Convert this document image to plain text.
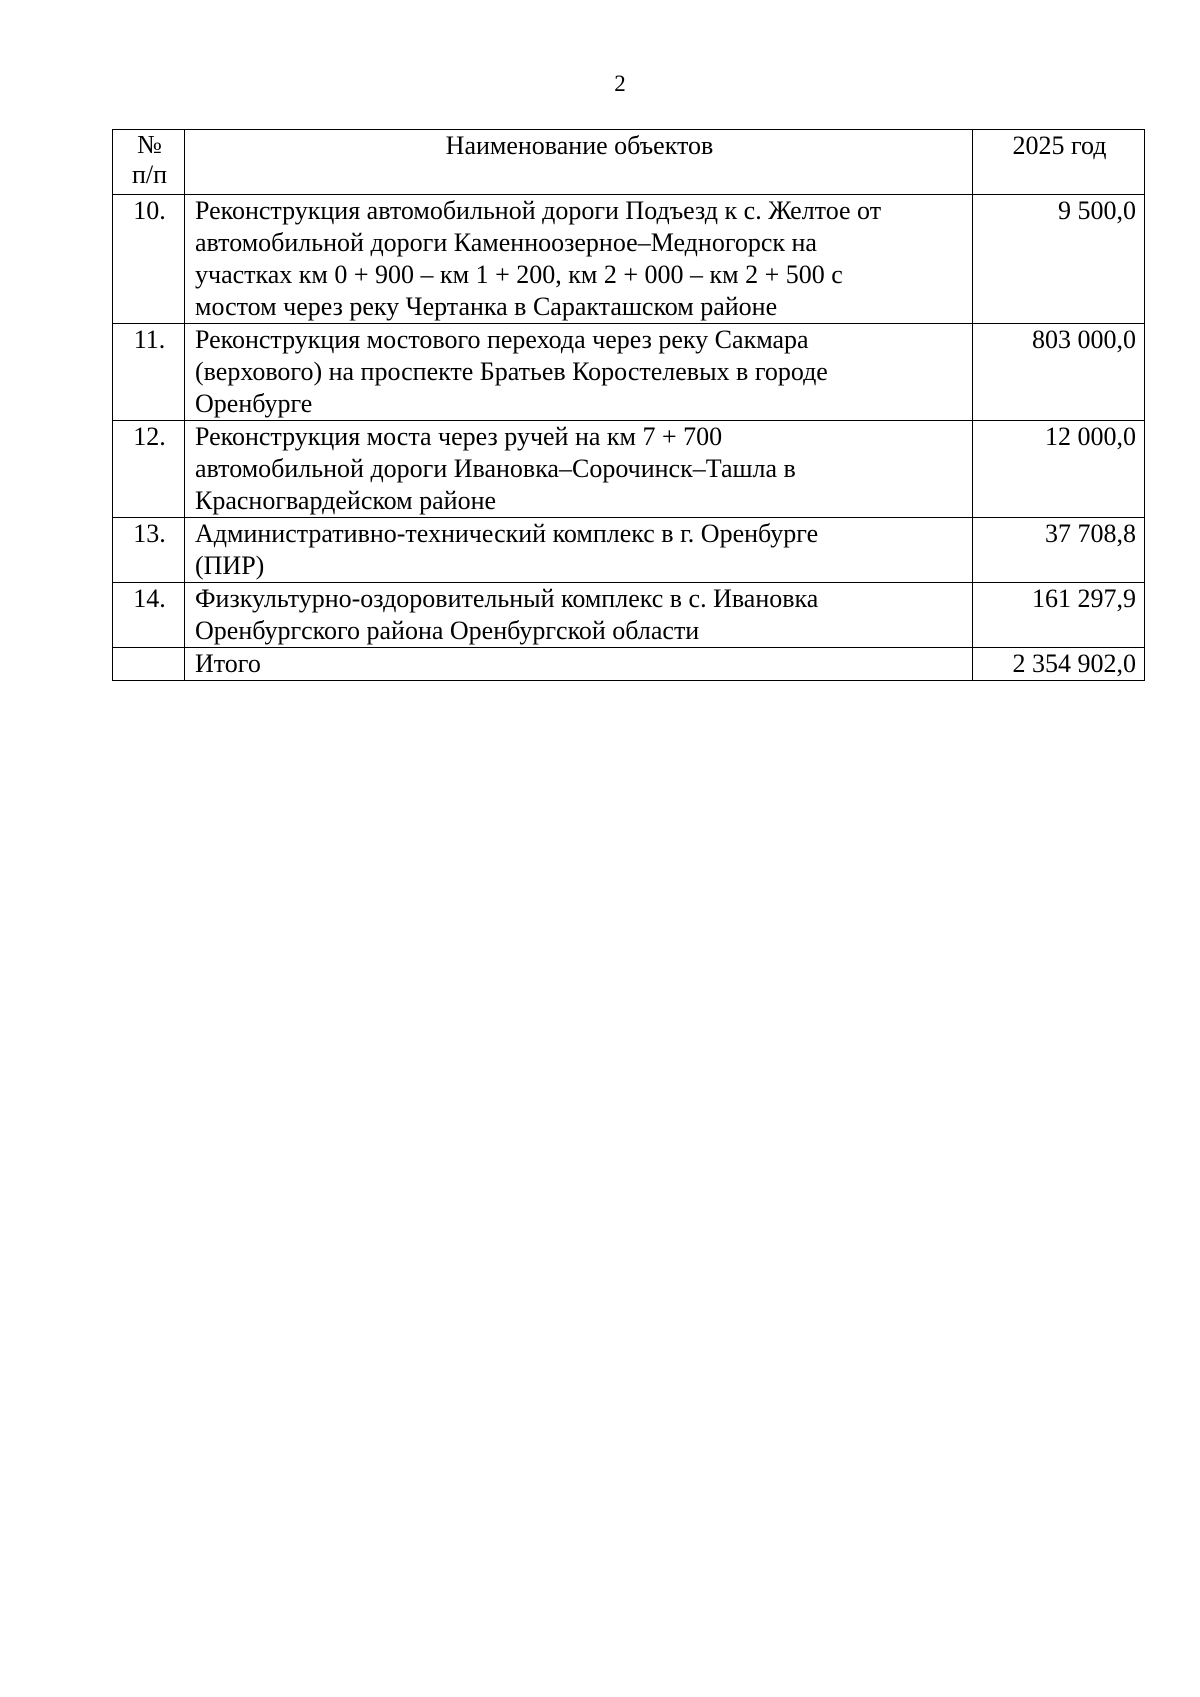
2
№
п/п	Наименование объектов	2025 год
10.	Реконструкция автомобильной дороги Подъезд к с. Желтое от
автомобильной дороги Каменноозерное–Медногорск на
участках км 0 + 900 – км 1 + 200, км 2 + 000 – км 2 + 500 с
мостом через реку Чертанка в Саракташском районе	9 500,0
11.	Реконструкция мостового перехода через реку Сакмара
(верхового) на проспекте Братьев Коростелевых в городе
Оренбурге	803 000,0
12.	Реконструкция моста через ручей на км 7 + 700
автомобильной дороги Ивановка–Сорочинск–Ташла в
Красногвардейском районе	12 000,0
13.	Административно-технический комплекс в г. Оренбурге
(ПИР)	37 708,8
14.	Физкультурно-оздоровительный комплекс в с. Ивановка
Оренбургского района Оренбургской области	161 297,9
	Итого	2 354 902,0
